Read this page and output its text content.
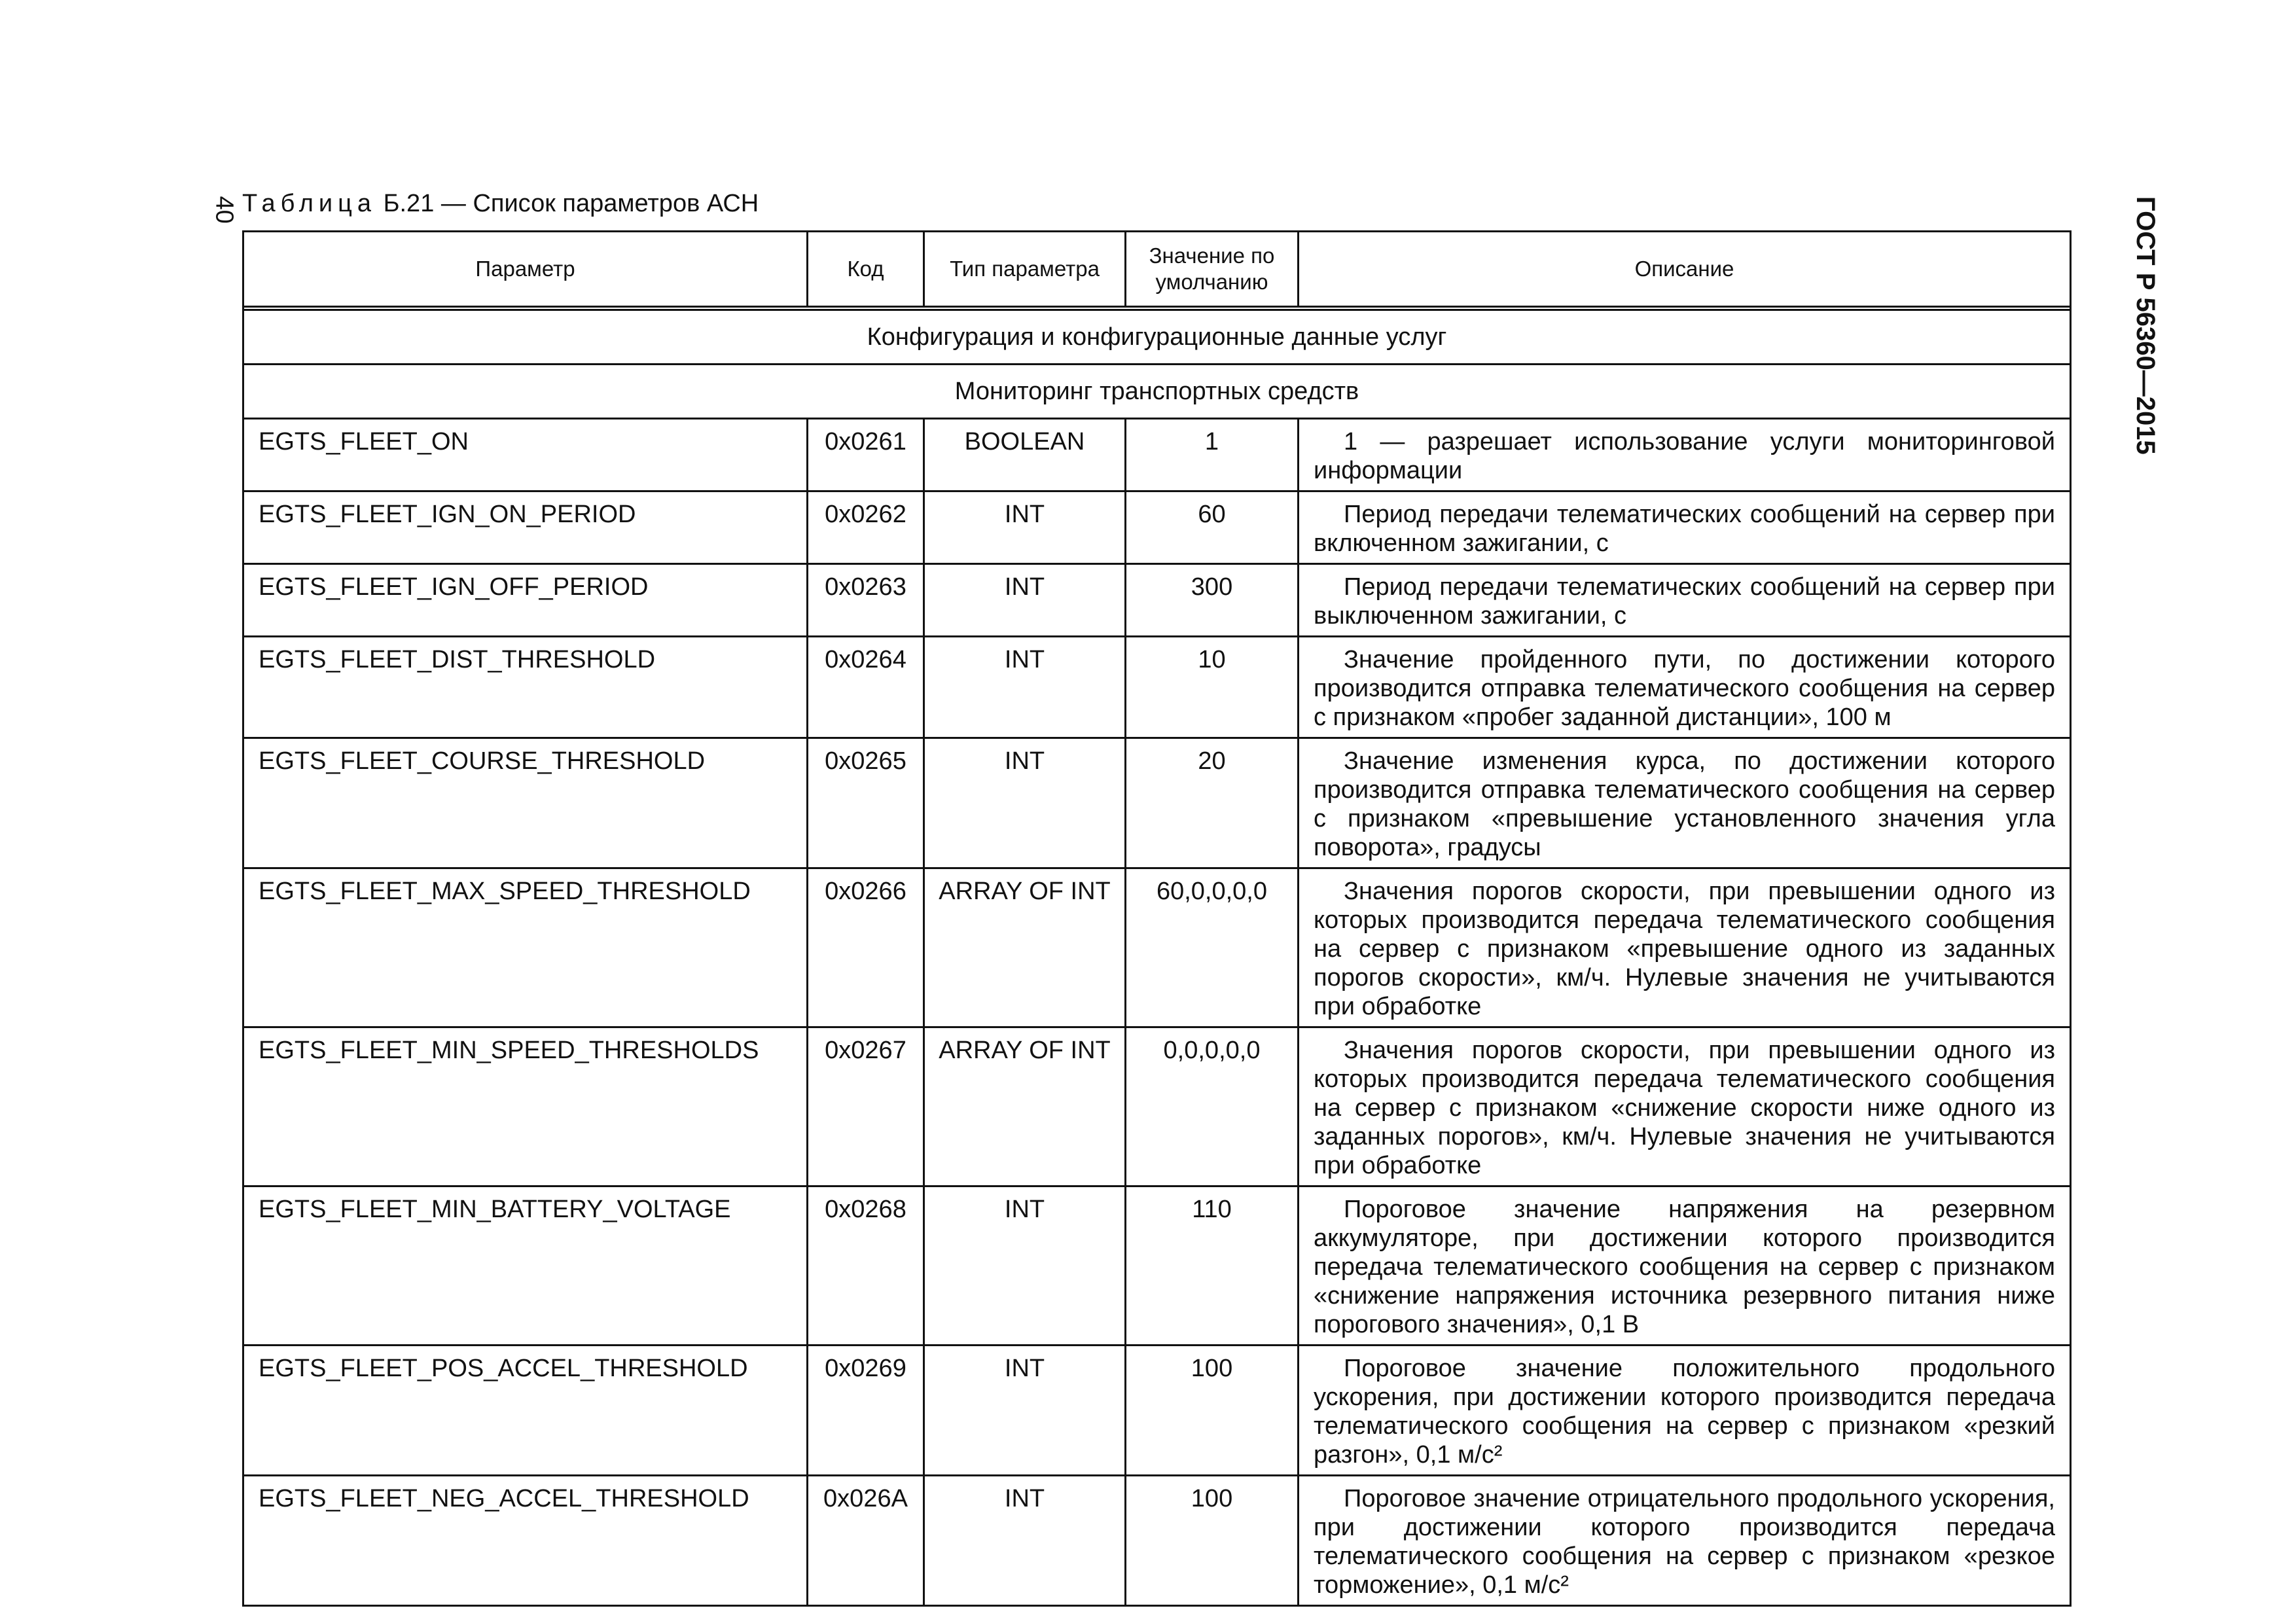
40 Таблица Б.21 — Список параметров АСН	ГОСТ Р 56360—2015
Параметр	Код	Тип параметра	Значение по умолчанию	Описание

Конфигурация и конфигурационные данные услуг				
Мониторинг транспортных средств				
EGTS_FLEET_ON	0x0261	BOOLEAN	1	1 — разрешает использование услуги мониторинговой информации

EGTS_FLEET_IGN_ON_PERIOD	0x0262	INT	60	Период передачи телематических сообщений на сервер при включенном зажигании, с

EGTS_FLEET_IGN_OFF_PERIOD	0x0263	INT	300	Период передачи телематических сообщений на сервер при выключенном зажигании, с

EGTS_FLEET_DIST_THRESHOLD	0x0264	INT	10	Значение пройденного пути, по достижении которого производится отправка телематического сообщения на сервер с признаком «пробег заданной дистанции», 100 м

EGTS_FLEET_COURSE_THRESHOLD	0x0265	INT	20	Значение изменения курса, по достижении которого производится отправка телематического сообщения на сервер с признаком «превышение установленного значения угла поворота», градусы

EGTS_FLEET_MAX_SPEED_THRESHOLD	0x0266	ARRAY OF INT	60,0,0,0,0	Значения порогов скорости, при превышении одного из которых производится передача телематического сообщения на сервер с признаком «превышение одного из заданных порогов скорости», км/ч. Нулевые значения не учитываются при обработке

EGTS_FLEET_MIN_SPEED_THRESHOLDS	0x0267	ARRAY OF INT	0,0,0,0,0	Значения порогов скорости, при превышении одного из которых производится передача телематического сообщения на сервер с признаком «снижение скорости ниже одного из заданных порогов», км/ч. Нулевые значения не учитываются при обработке

EGTS_FLEET_MIN_BATTERY_VOLTAGE	0x0268	INT	110	Пороговое значение напряжения на резервном аккумуляторе, при достижении которого производится передача телематического сообщения на сервер с признаком «снижение напряжения источника резервного питания ниже порогового значения», 0,1 В

EGTS_FLEET_POS_ACCEL_THRESHOLD	0x0269	INT	100	Пороговое значение положительного продольного ускорения, при достижении которого производится передача телематического сообщения на сервер с признаком «резкий разгон», 0,1 м/с²

EGTS_FLEET_NEG_ACCEL_THRESHOLD	0x026A	INT	100	Пороговое значение отрицательного продольного ускорения, при достижении которого производится передача телематического сообщения на сервер с признаком «резкое торможение», 0,1 м/с²
